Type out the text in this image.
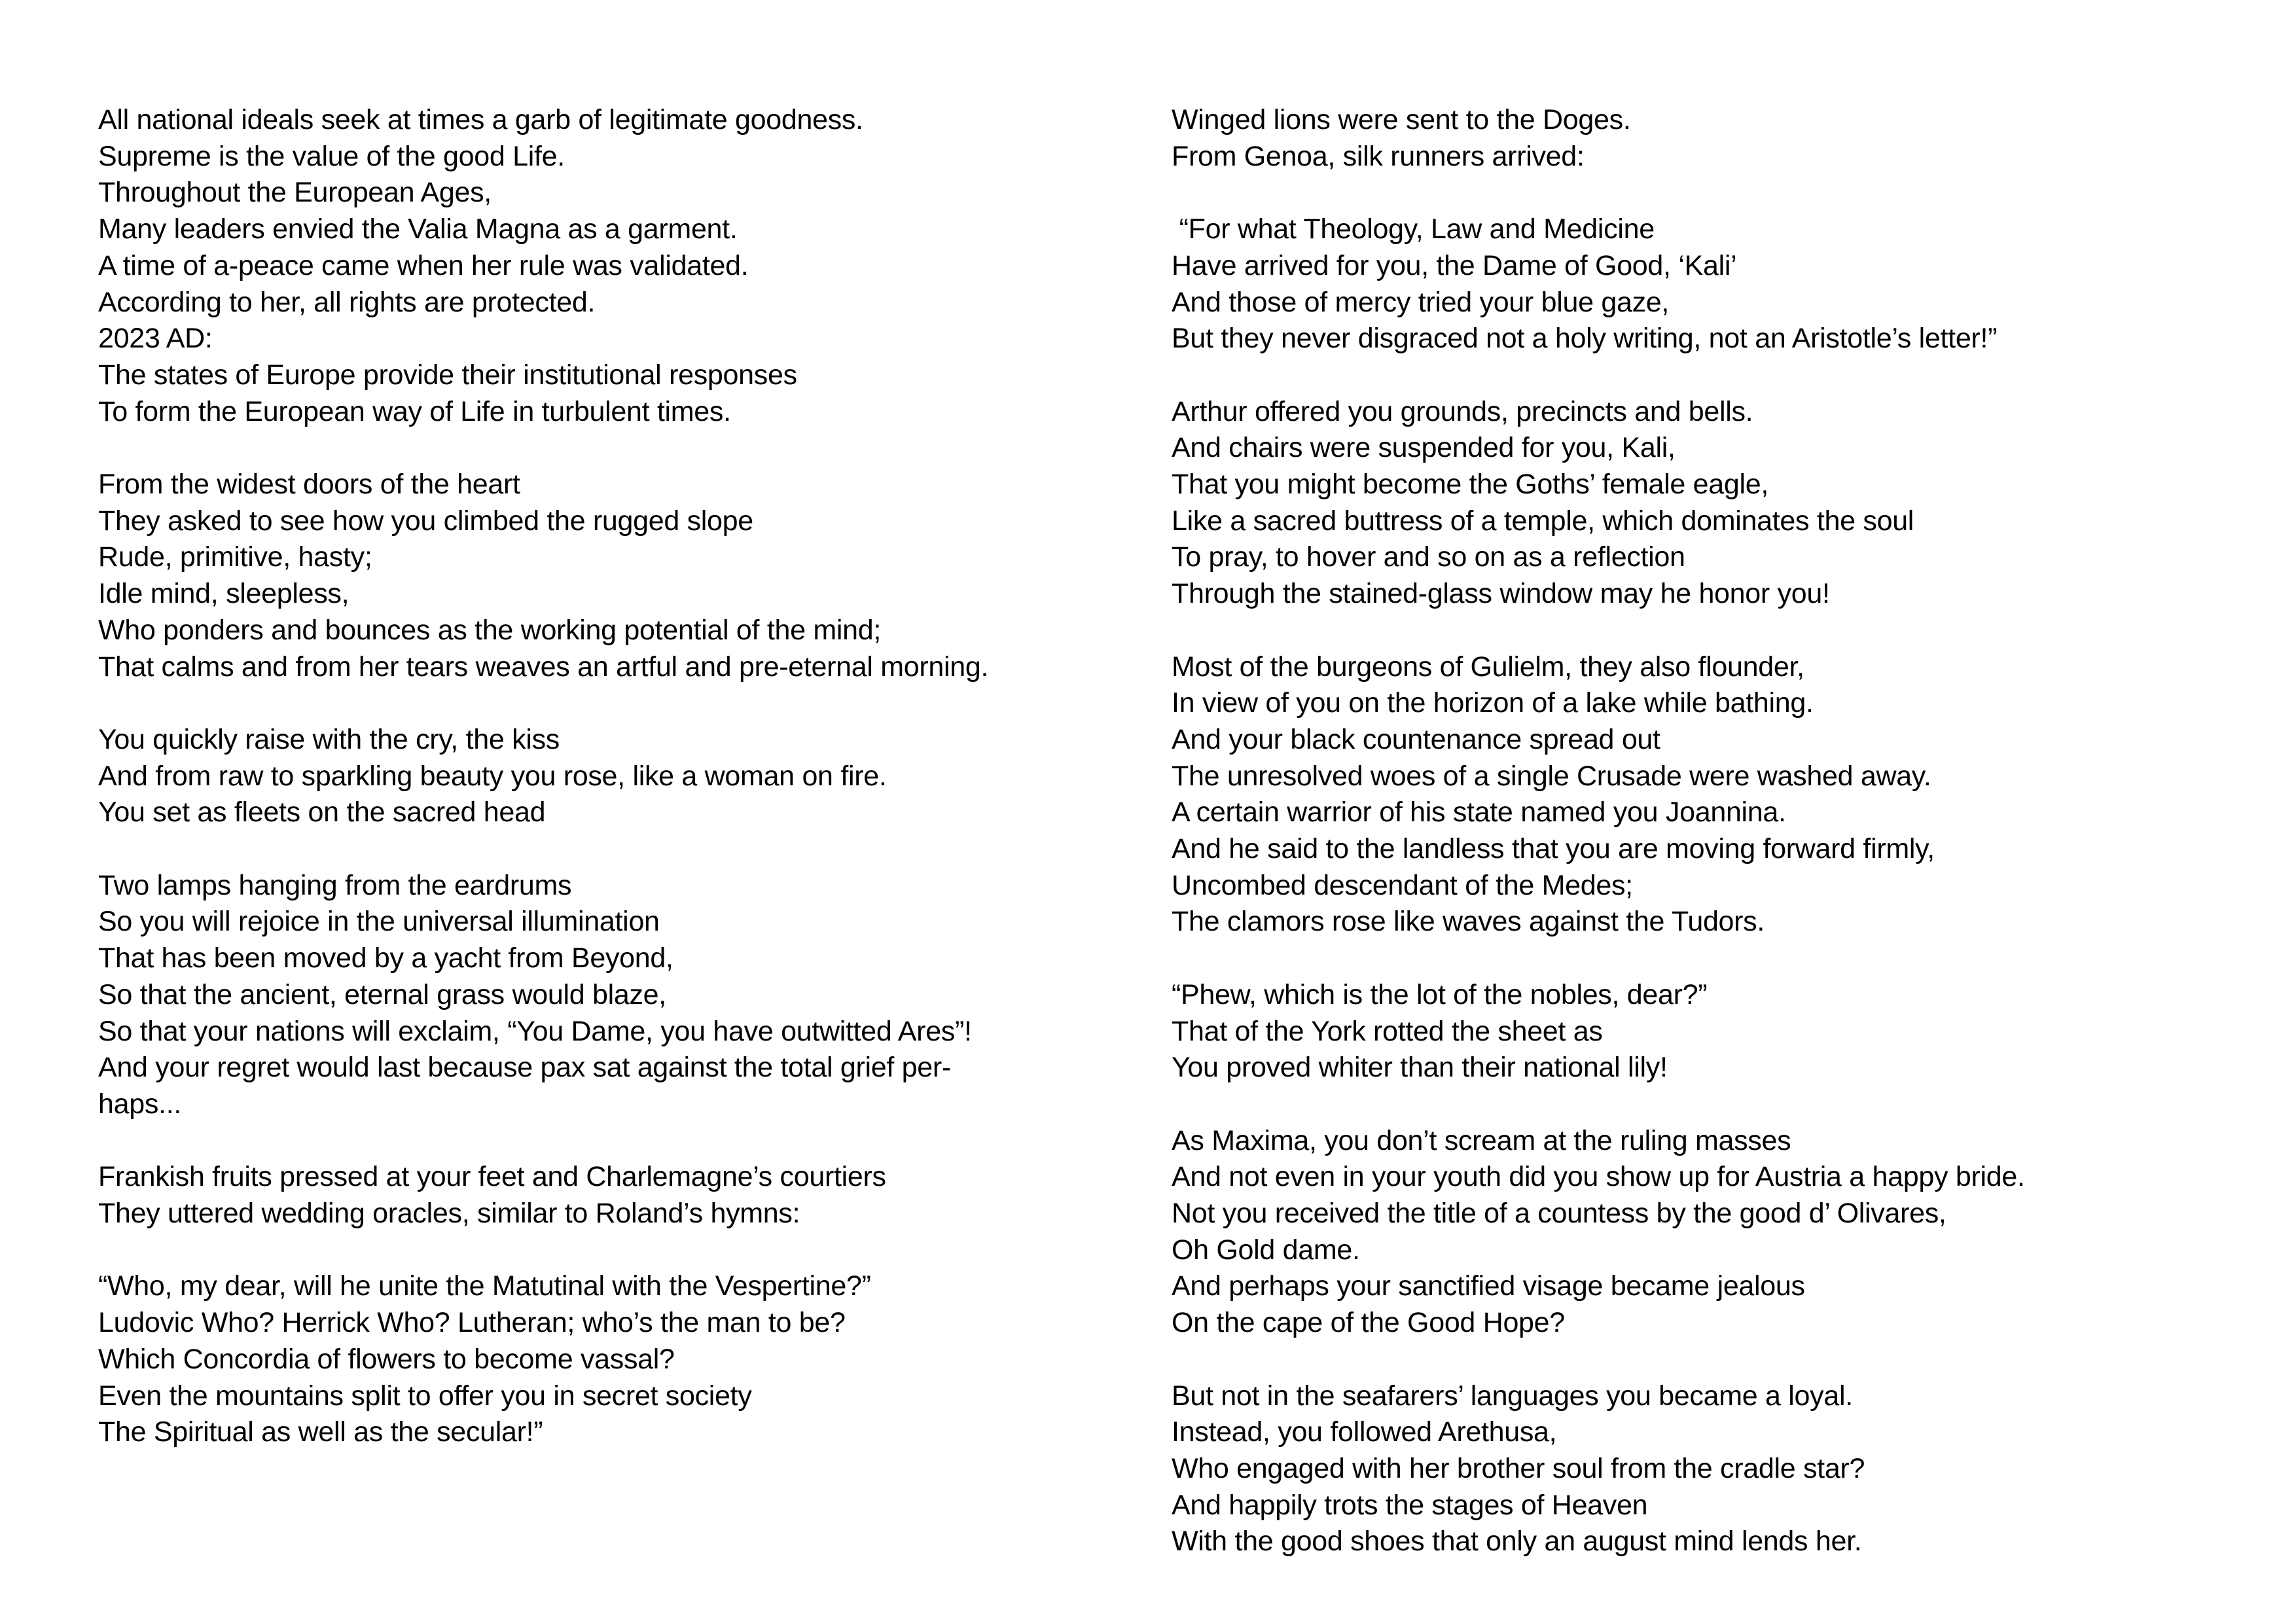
All national ideals seek at times a garb of legitimate goodness.
Supreme is the value of the good Life.
Throughout the European Ages,
Many leaders envied the Valia Magna as a garment.
A time of a-peace came when her rule was validated.
According to her, all rights are protected.
2023 AD:
The states of Europe provide their institutional responses
To form the European way of Life in turbulent times.
From the widest doors of the heart
They asked to see how you climbed the rugged slope
Rude, primitive, hasty;
Idle mind, sleepless,
Who ponders and bounces as the working potential of the mind;
That calms and from her tears weaves an artful and pre-eternal morning.
You quickly raise with the cry, the kiss
And from raw to sparkling beauty you rose, like a woman on fire.
You set as fleets on the sacred head
Two lamps hanging from the eardrums
So you will rejoice in the universal illumination
That has been moved by a yacht from Beyond,
So that the ancient, eternal grass would blaze,
So that your nations will exclaim, “You Dame, you have outwitted Ares”!
And your regret would last because pax sat against the total grief per-
haps...
Frankish fruits pressed at your feet and Charlemagne’s courtiers
They uttered wedding oracles, similar to Roland’s hymns:
“Who, my dear, will he unite the Matutinal with the Vespertine?”
Ludovic Who? Herrick Who? Lutheran; who’s the man to be?
Which Concordia of flowers to become vassal?
Even the mountains split to offer you in secret society
The Spiritual as well as the secular!”
Winged lions were sent to the Doges.
From Genoa, silk runners arrived:
“For what Theology, Law and Medicine
Have arrived for you, the Dame of Good, ‘Kali’
And those of mercy tried your blue gaze,
But they never disgraced not a holy writing, not an Aristotle’s letter!”
Arthur offered you grounds, precincts and bells.
And chairs were suspended for you, Kali,
That you might become the Goths’ female eagle,
Like a sacred buttress of a temple, which dominates the soul
To pray, to hover and so on as a reflection
Through the stained-glass window may he honor you!
Most of the burgeons of Gulielm, they also flounder,
In view of you on the horizon of a lake while bathing.
And your black countenance spread out
The unresolved woes of a single Crusade were washed away.
A certain warrior of his state named you Joannina.
And he said to the landless that you are moving forward firmly,
Uncombed descendant of the Medes;
The clamors rose like waves against the Tudors.
“Phew, which is the lot of the nobles, dear?”
That of the York rotted the sheet as
You proved whiter than their national lily!
As Maxima, you don’t scream at the ruling masses
And not even in your youth did you show up for Austria a happy bride.
Not you received the title of a countess by the good d’ Olivares,
Oh Gold dame.
And perhaps your sanctified visage became jealous
On the cape of the Good Hope?
But not in the seafarers’ languages you became a loyal.
Instead, you followed Arethusa,
Who engaged with her brother soul from the cradle star?
And happily trots the stages of Heaven
With the good shoes that only an august mind lends her.
